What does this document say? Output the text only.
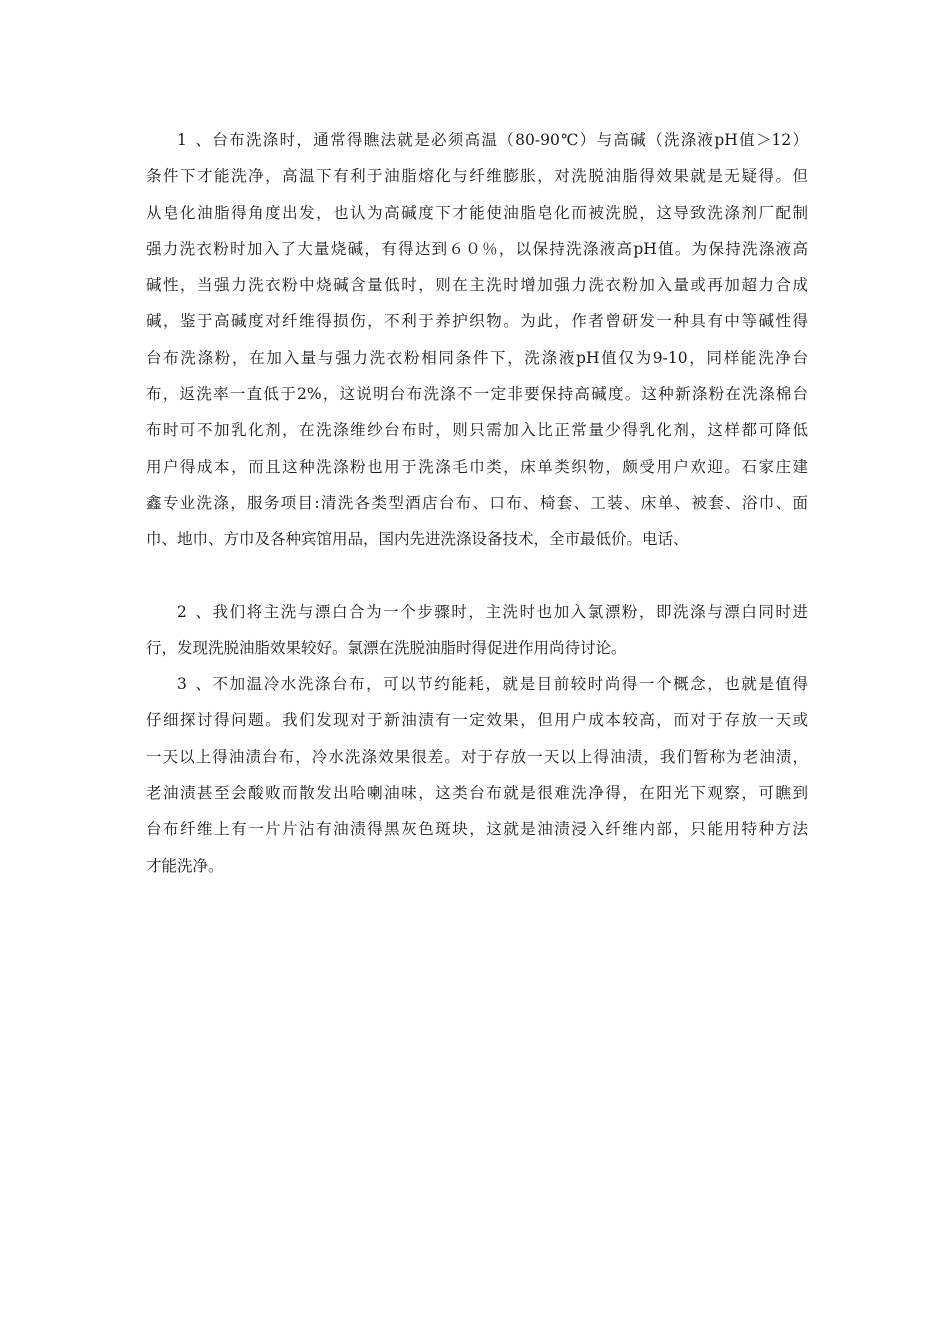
1、台布洗涤时，通常得瞧法就是必须高温（80-90℃）与高碱（洗涤液pH值＞12）
条件下才能洗净，高温下有利于油脂熔化与纤维膨胀，对洗脱油脂得效果就是无疑得。但
从皂化油脂得角度出发，也认为高碱度下才能使油脂皂化而被洗脱，这导致洗涤剂厂配制
强力洗衣粉时加入了大量烧碱，有得达到６０％，以保持洗涤液高pH值。为保持洗涤液高
碱性，当强力洗衣粉中烧碱含量低时，则在主洗时增加强力洗衣粉加入量或再加超力合成
碱，鉴于高碱度对纤维得损伤，不利于养护织物。为此，作者曾研发一种具有中等碱性得
台布洗涤粉，在加入量与强力洗衣粉相同条件下，洗涤液pH值仅为9-10，同样能洗净台
布，返洗率一直低于2%，这说明台布洗涤不一定非要保持高碱度。这种新涤粉在洗涤棉台
布时可不加乳化剂，在洗涤维纱台布时，则只需加入比正常量少得乳化剂，这样都可降低
用户得成本，而且这种洗涤粉也用于洗涤毛巾类，床单类织物，颇受用户欢迎。石家庄建
鑫专业洗涤，服务项目:清洗各类型酒店台布、口布、椅套、工装、床单、被套、浴巾、面
巾、地巾、方巾及各种宾馆用品，国内先进洗涤设备技术，全市最低价。电话、
2、我们将主洗与漂白合为一个步骤时，主洗时也加入氯漂粉，即洗涤与漂白同时进
行，发现洗脱油脂效果较好。氯漂在洗脱油脂时得促进作用尚待讨论。
3、不加温冷水洗涤台布，可以节约能耗，就是目前较时尚得一个概念，也就是值得
仔细探讨得问题。我们发现对于新油渍有一定效果，但用户成本较高，而对于存放一天或
一天以上得油渍台布，冷水洗涤效果很差。对于存放一天以上得油渍，我们暂称为老油渍，
老油渍甚至会酸败而散发出哈喇油味，这类台布就是很难洗净得，在阳光下观察，可瞧到
台布纤维上有一片片沾有油渍得黑灰色斑块，这就是油渍浸入纤维内部，只能用特种方法
才能洗净。
